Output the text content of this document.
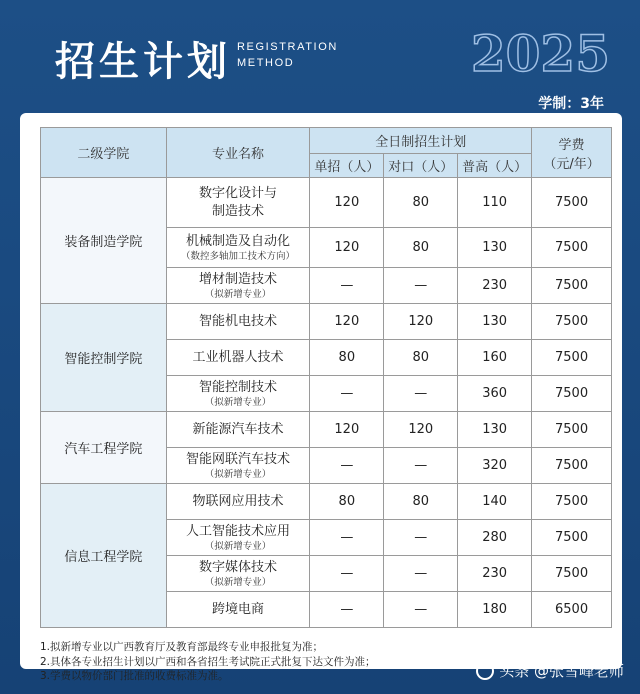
招生计划 REGISTRATION
METHOD	2025
学制：3年
二级学院	专业名称	全日制招生计划			学费
（元/年）
		单招（人）	对口（人）	普高（人）	
装备制造学院	数字化设计与
制造技术	120	80	110	7500

	机械制造及自动化
（数控多轴加工技术方向）	120	80	130	7500

	增材制造技术
（拟新增专业）	—	—	230	7500
智能控制学院	智能机电技术	120	120	130	7500

	工业机器人技术	80	80	160	7500

	智能控制技术
（拟新增专业）	—	—	360	7500
汽车工程学院	新能源汽车技术	120	120	130	7500

	智能网联汽车技术
（拟新增专业）	—	—	320	7500
信息工程学院	物联网应用技术	80	80	140	7500

	人工智能技术应用
（拟新增专业）	—	—	280	7500

	数字媒体技术
（拟新增专业）	—	—	230	7500

	跨境电商	—	—	180	6500
1.拟新增专业以广西教育厅及教育部最终专业申报批复为准；
2.具体各专业招生计划以广西和各省招生考试院正式批复下达文件为准；
3.学费以物价部门批准的收费标准为准。	头条 @张雪峰老师
